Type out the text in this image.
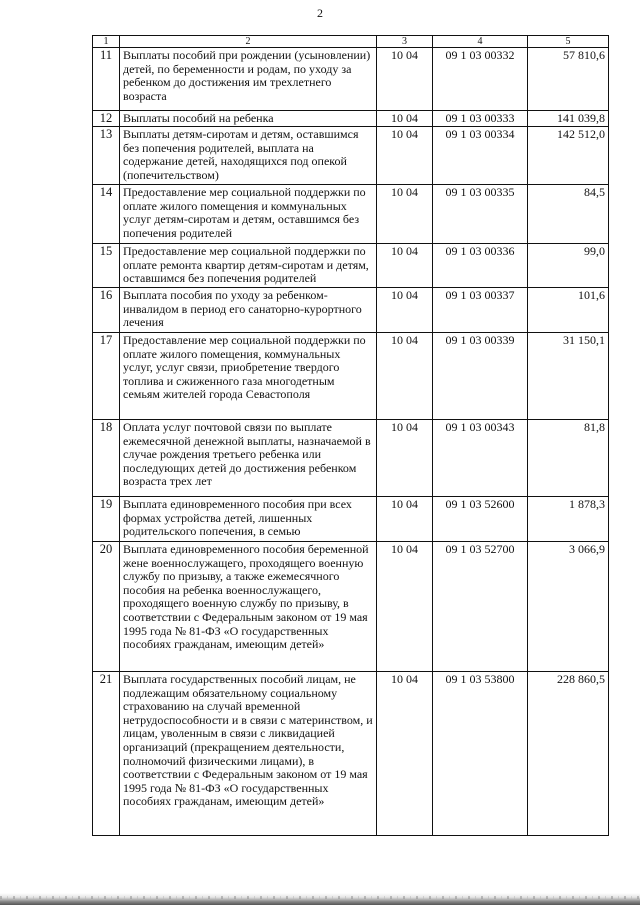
2
1	2	3	4	5
11	Выплаты пособий при рождении (усыновлении) детей, по беременности и родам, по уходу за ребенком до достижения им трехлетнего возраста	10 04	09 1 03 00332	57 810,6
12	Выплаты пособий на ребенка	10 04	09 1 03 00333	141 039,8
13	Выплаты детям-сиротам и детям, оставшимся без попечения родителей, выплата на содержание детей, находящихся под опекой (попечительством)	10 04	09 1 03 00334	142 512,0
14	Предоставление мер социальной поддержки по оплате жилого помещения и коммунальных услуг детям-сиротам и детям, оставшимся без попечения родителей	10 04	09 1 03 00335	84,5
15	Предоставление мер социальной поддержки по оплате ремонта квартир детям-сиротам и детям, оставшимся без попечения родителей	10 04	09 1 03 00336	99,0
16	Выплата пособия по уходу за ребенком-инвалидом в период его санаторно-курортного лечения	10 04	09 1 03 00337	101,6
17	Предоставление мер социальной поддержки по оплате жилого помещения, коммунальных услуг, услуг связи, приобретение твердого топлива и сжиженного газа многодетным семьям жителей города Севастополя	10 04	09 1 03 00339	31 150,1
18	Оплата услуг почтовой связи по выплате ежемесячной денежной выплаты, назначаемой в случае рождения третьего ребенка или последующих детей до достижения ребенком возраста трех лет	10 04	09 1 03 00343	81,8
19	Выплата единовременного пособия при всех формах устройства детей, лишенных родительского попечения, в семью	10 04	09 1 03 52600	1 878,3
20	Выплата единовременного пособия беременной жене военнослужащего, проходящего военную службу по призыву, а также ежемесячного пособия на ребенка военнослужащего, проходящего военную службу по призыву, в соответствии с Федеральным законом от 19 мая 1995 года № 81-ФЗ «О государственных пособиях гражданам, имеющим детей»	10 04	09 1 03 52700	3 066,9
21	Выплата государственных пособий лицам, не подлежащим обязательному социальному страхованию на случай временной нетрудоспособности и в связи с материнством, и лицам, уволенным в связи с ликвидацией организаций (прекращением деятельности, полномочий физическими лицами), в соответствии с Федеральным законом от 19 мая 1995 года № 81-ФЗ «О государственных пособиях гражданам, имеющим детей»	10 04	09 1 03 53800	228 860,5
